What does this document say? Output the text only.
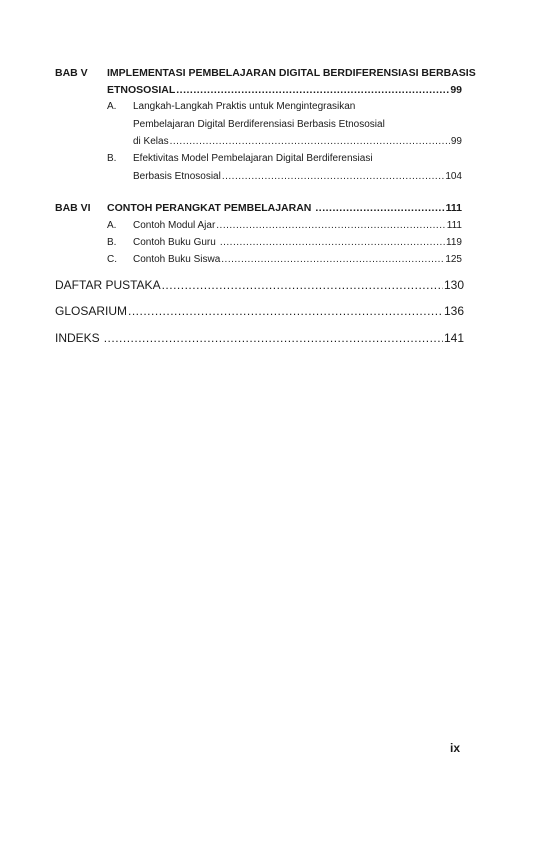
BAB V IMPLEMENTASI PEMBELAJARAN DIGITAL BERDIFERENSIASI BERBASIS
ETNOSOSIAL .....	99
A. Langkah-Langkah Praktis untuk Mengintegrasikan
Pembelajaran Digital Berdiferensiasi Berbasis Etnososial
di Kelas .....	99
B. Efektivitas Model Pembelajaran Digital Berdiferensiasi
Berbasis Etnososial .....	104
BAB VI CONTOH PERANGKAT PEMBELAJARAN .....	111
A. Contoh Modul Ajar .....	111
B. Contoh Buku Guru .....	119
C. Contoh Buku Siswa .....	125
DAFTAR PUSTAKA .....	130
GLOSARIUM .....	136
INDEKS .....	141
ix
